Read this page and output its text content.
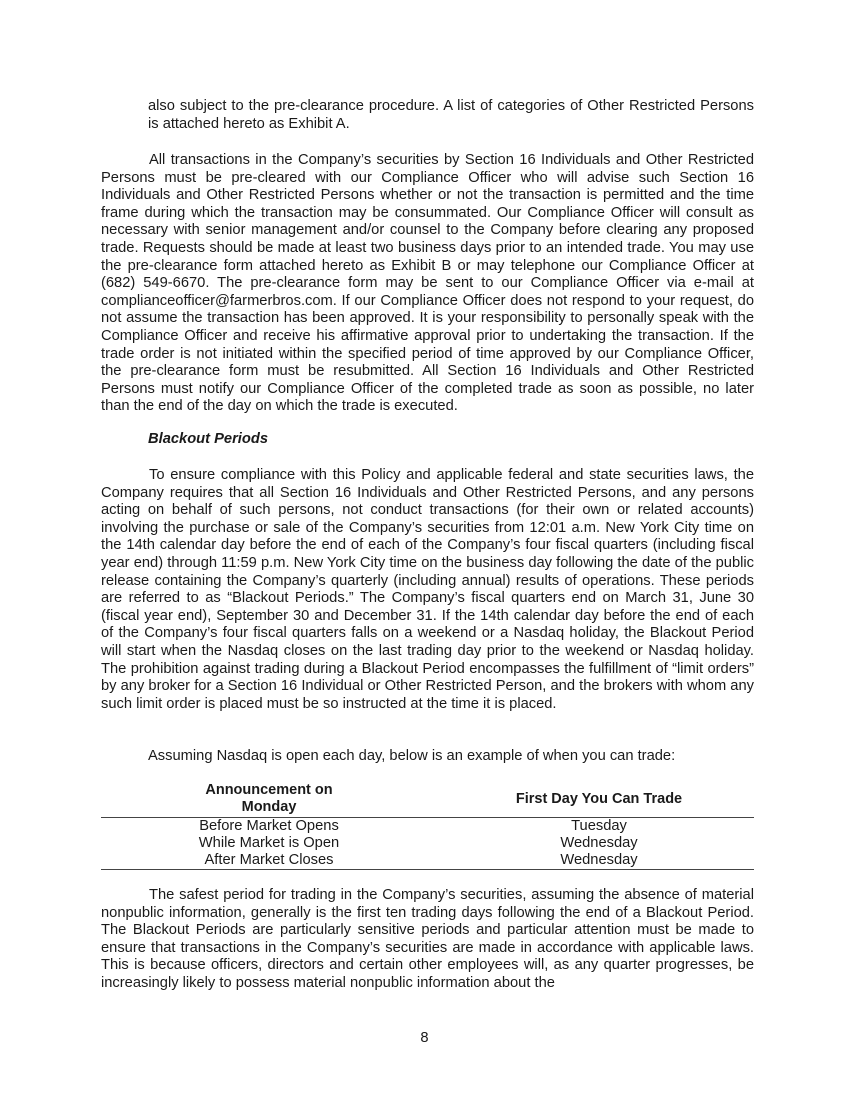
also subject to the pre-clearance procedure. A list of categories of Other Restricted Persons is attached hereto as Exhibit A.

All transactions in the Company’s securities by Section 16 Individuals and Other Restricted Persons must be pre-cleared with our Compliance Officer who will advise such Section 16 Individuals and Other Restricted Persons whether or not the transaction is permitted and the time frame during which the transaction may be consummated. Our Compliance Officer will consult as necessary with senior management and/or counsel to the Company before clearing any proposed trade. Requests should be made at least two business days prior to an intended trade. You may use the pre-clearance form attached hereto as Exhibit B or may telephone our Compliance Officer at (682) 549-6670. The pre-clearance form may be sent to our Compliance Officer via e-mail at complianceofficer@farmerbros.com. If our Compliance Officer does not respond to your request, do not assume the transaction has been approved. It is your responsibility to personally speak with the Compliance Officer and receive his affirmative approval prior to undertaking the transaction. If the trade order is not initiated within the specified period of time approved by our Compliance Officer, the pre-clearance form must be resubmitted. All Section 16 Individuals and Other Restricted Persons must notify our Compliance Officer of the completed trade as soon as possible, no later than the end of the day on which the trade is executed.

Blackout Periods

To ensure compliance with this Policy and applicable federal and state securities laws, the Company requires that all Section 16 Individuals and Other Restricted Persons, and any persons acting on behalf of such persons, not conduct transactions (for their own or related accounts) involving the purchase or sale of the Company’s securities from 12:01 a.m. New York City time on the 14th calendar day before the end of each of the Company’s four fiscal quarters (including fiscal year end) through 11:59 p.m. New York City time on the business day following the date of the public release containing the Company’s quarterly (including annual) results of operations. These periods are referred to as “Blackout Periods.” The Company’s fiscal quarters end on March 31, June 30 (fiscal year end), September 30 and December 31. If the 14th calendar day before the end of each of the Company’s four fiscal quarters falls on a weekend or a Nasdaq holiday, the Blackout Period will start when the Nasdaq closes on the last trading day prior to the weekend or Nasdaq holiday. The prohibition against trading during a Blackout Period encompasses the fulfillment of “limit orders” by any broker for a Section 16 Individual or Other Restricted Person, and the brokers with whom any such limit order is placed must be so instructed at the time it is placed.

Assuming Nasdaq is open each day, below is an example of when you can trade:

Announcement on Monday	First Day You Can Trade
Before Market Opens	Tuesday
While Market is Open	Wednesday
After Market Closes	Wednesday

The safest period for trading in the Company’s securities, assuming the absence of material nonpublic information, generally is the first ten trading days following the end of a Blackout Period. The Blackout Periods are particularly sensitive periods and particular attention must be made to ensure that transactions in the Company’s securities are made in accordance with applicable laws. This is because officers, directors and certain other employees will, as any quarter progresses, be increasingly likely to possess material nonpublic information about the

8
